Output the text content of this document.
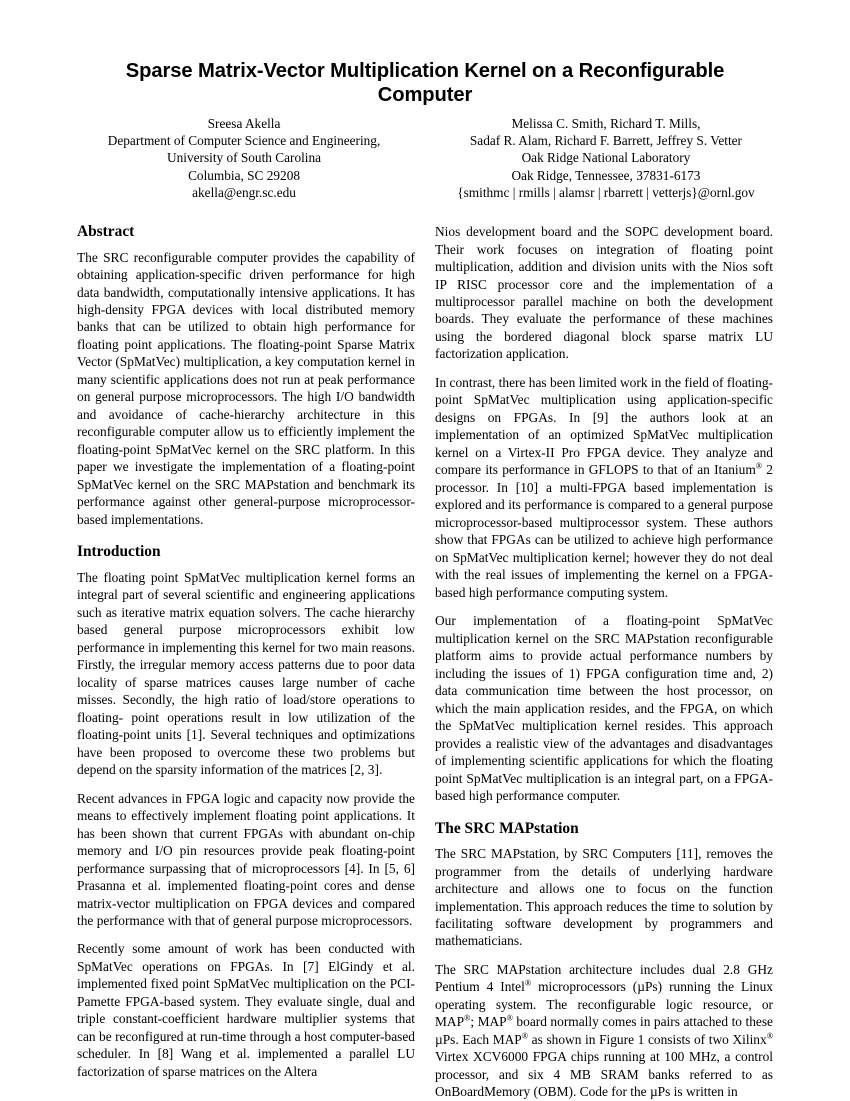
Sparse Matrix-Vector Multiplication Kernel on a Reconfigurable Computer
Sreesa Akella
Department of Computer Science and Engineering,
University of South Carolina
Columbia, SC 29208
akella@engr.sc.edu
Melissa C. Smith, Richard T. Mills,
Sadaf R. Alam, Richard F. Barrett, Jeffrey S. Vetter
Oak Ridge National Laboratory
Oak Ridge, Tennessee, 37831-6173
{smithmc | rmills | alamsr | rbarrett | vetterjs}@ornl.gov
Abstract

The SRC reconfigurable computer provides the capability of obtaining application-specific driven performance for high data bandwidth, computationally intensive applications. It has high-density FPGA devices with local distributed memory banks that can be utilized to obtain high performance for floating point applications. The floating-point Sparse Matrix Vector (SpMatVec) multiplication, a key computation kernel in many scientific applications does not run at peak performance on general purpose microprocessors. The high I/O bandwidth and avoidance of cache-hierarchy architecture in this reconfigurable computer allow us to efficiently implement the floating-point SpMatVec kernel on the SRC platform. In this paper we investigate the implementation of a floating-point SpMatVec kernel on the SRC MAPstation and benchmark its performance against other general-purpose microprocessor-based implementations.

Introduction

The floating point SpMatVec multiplication kernel forms an integral part of several scientific and engineering applications such as iterative matrix equation solvers. The cache hierarchy based general purpose microprocessors exhibit low performance in implementing this kernel for two main reasons. Firstly, the irregular memory access patterns due to poor data locality of sparse matrices causes large number of cache misses. Secondly, the high ratio of load/store operations to floating- point operations result in low utilization of the floating-point units [1]. Several techniques and optimizations have been proposed to overcome these two problems but depend on the sparsity information of the matrices [2, 3].

Recent advances in FPGA logic and capacity now provide the means to effectively implement floating point applications. It has been shown that current FPGAs with abundant on-chip memory and I/O pin resources provide peak floating-point performance surpassing that of microprocessors [4]. In [5, 6] Prasanna et al. implemented floating-point cores and dense matrix-vector multiplication on FPGA devices and compared the performance with that of general purpose microprocessors.

Recently some amount of work has been conducted with SpMatVec operations on FPGAs. In [7] ElGindy et al. implemented fixed point SpMatVec multiplication on the PCI-Pamette FPGA-based system. They evaluate single, dual and triple constant-coefficient hardware multiplier systems that can be reconfigured at run-time through a host computer-based scheduler. In [8] Wang et al. implemented a parallel LU factorization of sparse matrices on the Altera

Nios development board and the SOPC development board. Their work focuses on integration of floating point multiplication, addition and division units with the Nios soft IP RISC processor core and the implementation of a multiprocessor parallel machine on both the development boards. They evaluate the performance of these machines using the bordered diagonal block sparse matrix LU factorization application.

In contrast, there has been limited work in the field of floating-point SpMatVec multiplication using application-specific designs on FPGAs. In [9] the authors look at an implementation of an optimized SpMatVec multiplication kernel on a Virtex-II Pro FPGA device. They analyze and compare its performance in GFLOPS to that of an Itanium® 2 processor. In [10] a multi-FPGA based implementation is explored and its performance is compared to a general purpose microprocessor-based multiprocessor system. These authors show that FPGAs can be utilized to achieve high performance on SpMatVec multiplication kernel; however they do not deal with the real issues of implementing the kernel on a FPGA-based high performance computing system.

Our implementation of a floating-point SpMatVec multiplication kernel on the SRC MAPstation reconfigurable platform aims to provide actual performance numbers by including the issues of 1) FPGA configuration time and, 2) data communication time between the host processor, on which the main application resides, and the FPGA, on which the SpMatVec multiplication kernel resides. This approach provides a realistic view of the advantages and disadvantages of implementing scientific applications for which the floating point SpMatVec multiplication is an integral part, on a FPGA-based high performance computer.

The SRC MAPstation

The SRC MAPstation, by SRC Computers [11], removes the programmer from the details of underlying hardware architecture and allows one to focus on the function implementation. This approach reduces the time to solution by facilitating software development by programmers and mathematicians.

The SRC MAPstation architecture includes dual 2.8 GHz Pentium 4 Intel® microprocessors (µPs) running the Linux operating system. The reconfigurable logic resource, or MAP®; MAP® board normally comes in pairs attached to these µPs. Each MAP® as shown in Figure 1 consists of two Xilinx® Virtex XCV6000 FPGA chips running at 100 MHz, a control processor, and six 4 MB SRAM banks referred to as OnBoardMemory (OBM). Code for the µPs is written in
